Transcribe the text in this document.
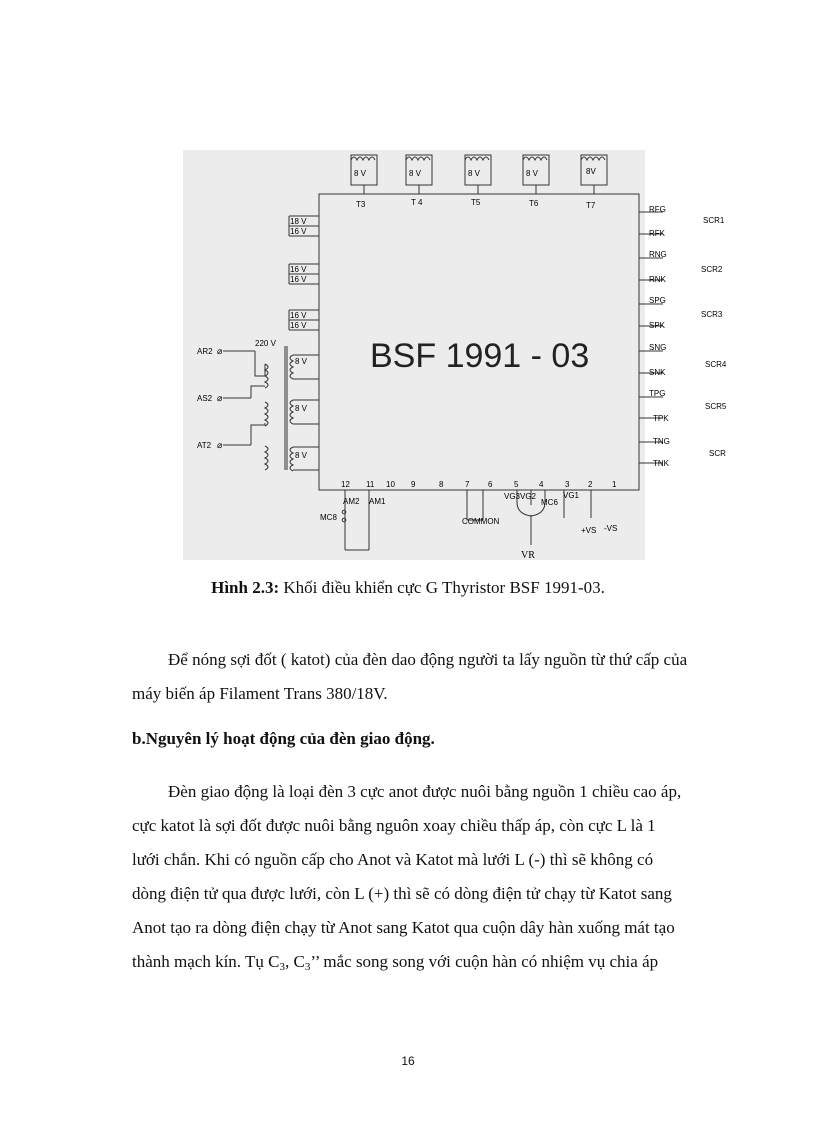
8 V
T3
8 V
T 4
8 V
T5
8 V
T6
8V
T7
18 V
16 V
16 V
16 V
16 V
16 V
220 V
AR2
AS2
AT2
⌀
⌀
⌀
8 V
8 V
8 V
BSF 1991 - 03
RFG
RFK
RNG
RNK
SPG
SPK
SNG
SNK
TPG
TPK
TNG
TNK
SCR1
SCR2
SCR3
SCR4
SCR5
SCR
12 11 10 9	8	7 6	5	4	3 2 1
AM2 AM1
MC8	COMMON
VG3 VG2
MC6
VG1
+VS -VS
VR
Hình 2.3: Khối điều khiển cực G Thyristor BSF 1991-03.
Để nóng sợi đốt ( katot) của đèn dao động người ta lấy nguồn từ thứ cấp của
máy biến áp Filament Trans 380/18V.
b.Nguyên lý hoạt động của đèn giao động.
Đèn giao động là loại đèn 3 cực anot được nuôi bằng nguồn 1 chiều cao áp,
cực katot là sợi đốt được nuôi bằng nguôn xoay chiều thấp áp, còn cực L là 1
lưới chắn. Khi có nguồn cấp cho Anot và Katot mà lưới L (-) thì sẽ không có
dòng điện tử qua được lưới, còn L (+) thì sẽ có dòng điện tử chạy từ Katot sang
Anot tạo ra dòng điện chạy từ Anot sang Katot qua cuộn dây hàn xuống mát tạo
thành mạch kín. Tụ $C_3$, $C_3$’’ mắc song song với cuộn hàn có nhiệm vụ chia áp
16
